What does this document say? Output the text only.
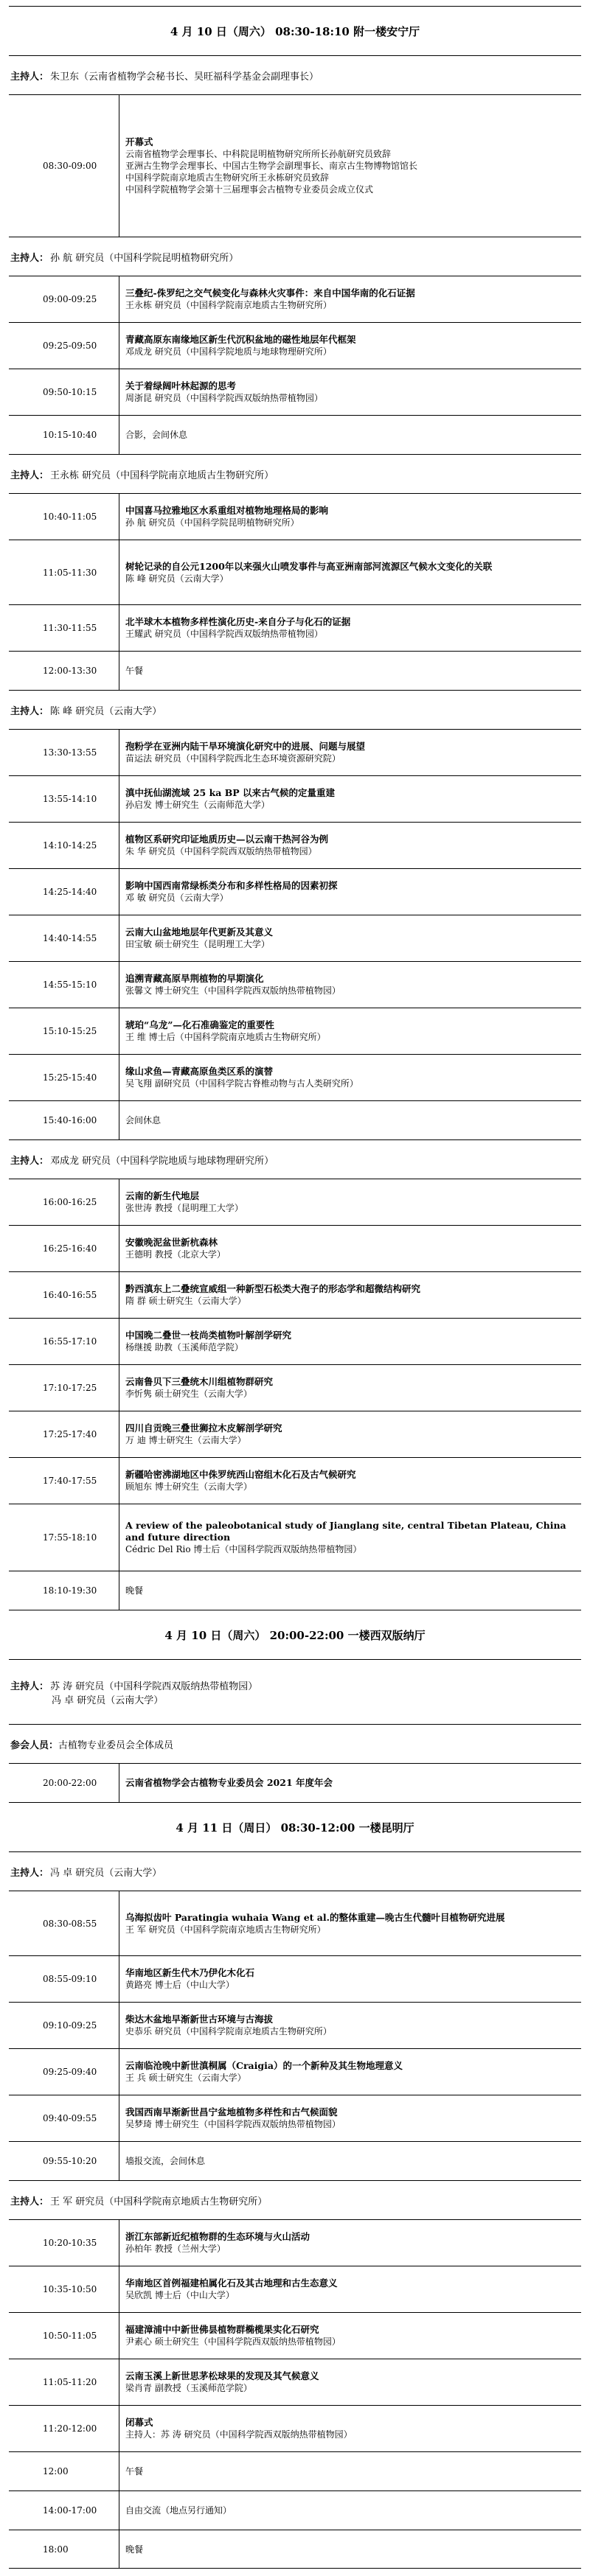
4 月 10 日（周六） 08:30-18:10 附一楼安宁厅
主持人： 朱卫东（云南省植物学会秘书长、昊旺福科学基金会副理事长）
08:30-09:00
开幕式
云南省植物学会理事长、中科院昆明植物研究所所长孙航研究员致辞
亚洲古生物学会理事长、中国古生物学会副理事长、南京古生物博物馆馆长
中国科学院南京地质古生物研究所王永栋研究员致辞
中国科学院植物学会第十三届理事会古植物专业委员会成立仪式
主持人： 孙 航 研究员（中国科学院昆明植物研究所）
09:00-09:25
三叠纪-侏罗纪之交气候变化与森林火灾事件：来自中国华南的化石证据
王永栋 研究员（中国科学院南京地质古生物研究所）
09:25-09:50
青藏高原东南缘地区新生代沉积盆地的磁性地层年代框架
邓成龙 研究员（中国科学院地质与地球物理研究所）
09:50-10:15
关于着绿阔叶林起源的思考
周浙昆 研究员（中国科学院西双版纳热带植物园）
10:15-10:40	合影，会间休息
主持人： 王永栋 研究员（中国科学院南京地质古生物研究所）
10:40-11:05
中国喜马拉雅地区水系重组对植物地理格局的影响
孙 航 研究员（中国科学院昆明植物研究所）
11:05-11:30
树轮记录的自公元1200年以来强火山喷发事件与高亚洲南部河流源区气候水文变化的关联
陈 峰 研究员（云南大学）
11:30-11:55
北半球木本植物多样性演化历史-来自分子与化石的证据
王耀武 研究员（中国科学院西双版纳热带植物园）
12:00-13:30	午餐
主持人： 陈 峰 研究员（云南大学）
13:30-13:55
孢粉学在亚洲内陆干旱环境演化研究中的进展、问题与展望
苗运法 研究员（中国科学院西北生态环境资源研究院）
13:55-14:10
滇中抚仙湖流域 25 ka BP 以来古气候的定量重建
孙启发 博士研究生（云南师范大学）
14:10-14:25
植物区系研究印证地质历史—以云南干热河谷为例
朱 华 研究员（中国科学院西双版纳热带植物园）
14:25-14:40
影响中国西南常绿栎类分布和多样性格局的因素初探
邓 敏 研究员（云南大学）
14:40-14:55
云南大山盆地地层年代更新及其意义
田宝敏 硕士研究生（昆明理工大学）
14:55-15:10
追溯青藏高原旱荆植物的早期演化
张馨文 博士研究生（中国科学院西双版纳热带植物园）
15:10-15:25
琥珀“乌龙”—化石准确鉴定的重要性
王 维 博士后（中国科学院南京地质古生物研究所）
15:25-15:40
缘山求鱼—青藏高原鱼类区系的演替
吴飞翔 副研究员（中国科学院古脊椎动物与古人类研究所）
15:40-16:00	会间休息
主持人： 邓成龙 研究员（中国科学院地质与地球物理研究所）
16:00-16:25
云南的新生代地层
张世涛 教授（昆明理工大学）
16:25-16:40
安徽晚泥盆世新杭森林
王德明 教授（北京大学）
16:40-16:55
黔西滇东上二叠统宣威组一种新型石松类大孢子的形态学和超微结构研究
隋 群 硕士研究生（云南大学）
16:55-17:10
中国晚二叠世一枝尚类植物叶解剖学研究
杨继援 助教（玉溪师范学院）
17:10-17:25
云南鲁贝下三叠统木川组植物群研究
李忻隽 硕士研究生（云南大学）
17:25-17:40
四川自贡晚三叠世狮拉木皮解剖学研究
万 迪 博士研究生（云南大学）
17:40-17:55
新疆哈密沸湖地区中侏罗统西山窑组木化石及古气候研究
顾旭东 博士研究生（云南大学）
17:55-18:10
A review of the paleobotanical study of Jianglang site, central Tibetan Plateau, China and future direction
Cédric Del Rio 博士后（中国科学院西双版纳热带植物园）
18:10-19:30	晚餐
4 月 10 日（周六） 20:00-22:00 一楼西双版纳厅
主持人： 苏 涛 研究员（中国科学院西双版纳热带植物园）
冯 卓 研究员（云南大学）
参会人员： 古植物专业委员会全体成员
20:00-22:00	云南省植物学会古植物专业委员会 2021 年度年会
4 月 11 日（周日） 08:30-12:00 一楼昆明厅
主持人： 冯 卓 研究员（云南大学）
08:30-08:55
乌海拟齿叶 Paratingia wuhaia Wang et al.的整体重建—晚古生代髓叶目植物研究进展
王 军 研究员（中国科学院南京地质古生物研究所）
08:55-09:10
华南地区新生代木乃伊化木化石
黄路亮 博士后（中山大学）
09:10-09:25
柴达木盆地早渐新世古环境与古海拔
史恭乐 研究员（中国科学院南京地质古生物研究所）
09:25-09:40
云南临沧晚中新世滇桐属（Craigia）的一个新种及其生物地理意义
王 兵 硕士研究生（云南大学）
09:40-09:55
我国西南早渐新世昌宁盆地植物多样性和古气候面貌
吴梦琦 博士研究生（中国科学院西双版纳热带植物园）
09:55-10:20	墙报交流，会间休息
主持人： 王 军 研究员（中国科学院南京地质古生物研究所）
10:20-10:35
浙江东部新近纪植物群的生态环境与火山活动
孙柏年 教授（兰州大学）
10:35-10:50
华南地区首例福建柏属化石及其古地理和古生态意义
吴欣凯 博士后（中山大学）
10:50-11:05
福建漳浦中中新世佛昙植物群椭榄果实化石研究
尹素心 硕士研究生（中国科学院西双版纳热带植物园）
11:05-11:20
云南玉溪上新世思茅松球果的发现及其气候意义
梁肖青 副教授（玉溪师范学院）
11:20-12:00
闭幕式
主持人：苏 涛 研究员（中国科学院西双版纳热带植物园）
12:00	午餐
14:00-17:00	自由交流（地点另行通知）
18:00	晚餐
